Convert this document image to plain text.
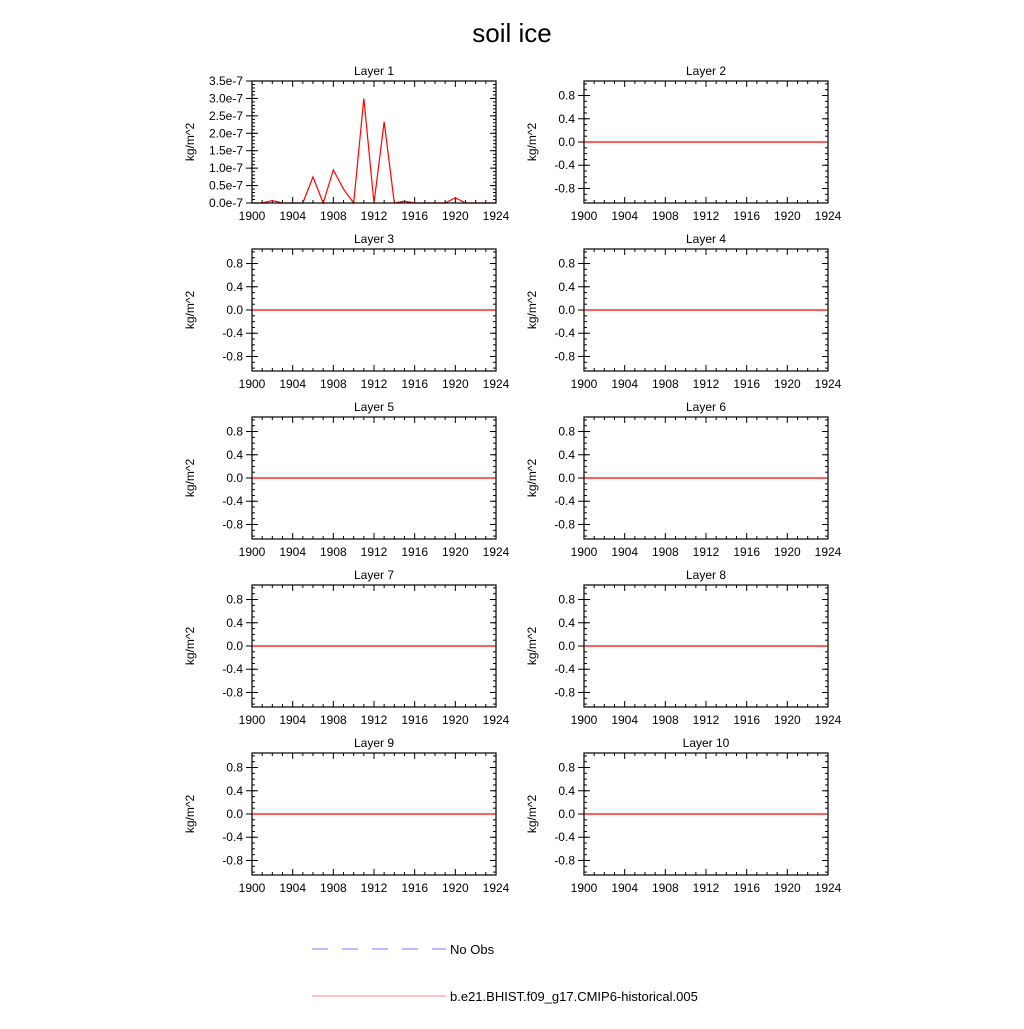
soil ice
Layer 1
1900 1904 1908 1912 1916 1920 1924
0.0e-7
0.5e-7
1.0e-7
1.5e-7
2.0e-7
2.5e-7
3.0e-7
3.5e-7
kg/m^2
Layer 2
1900 1904 1908 1912 1916 1920 1924
-0.8
-0.4
0.0
0.4
0.8
kg/m^2
Layer 3
1900 1904 1908 1912 1916 1920 1924
-0.8
-0.4
0.0
0.4
0.8
kg/m^2
Layer 4
1900 1904 1908 1912 1916 1920 1924
-0.8
-0.4
0.0
0.4
0.8
kg/m^2
Layer 5
1900 1904 1908 1912 1916 1920 1924
-0.8
-0.4
0.0
0.4
0.8
kg/m^2
Layer 6
1900 1904 1908 1912 1916 1920 1924
-0.8
-0.4
0.0
0.4
0.8
kg/m^2
Layer 7
1900 1904 1908 1912 1916 1920 1924
-0.8
-0.4
0.0
0.4
0.8
kg/m^2
Layer 8
1900 1904 1908 1912 1916 1920 1924
-0.8
-0.4
0.0
0.4
0.8
kg/m^2
Layer 9
1900 1904 1908 1912 1916 1920 1924
-0.8
-0.4
0.0
0.4
0.8
kg/m^2
Layer 10
1900 1904 1908 1912 1916 1920 1924
-0.8
-0.4
0.0
0.4
0.8
kg/m^2
No Obs
b.e21.BHIST.f09_g17.CMIP6-historical.005
